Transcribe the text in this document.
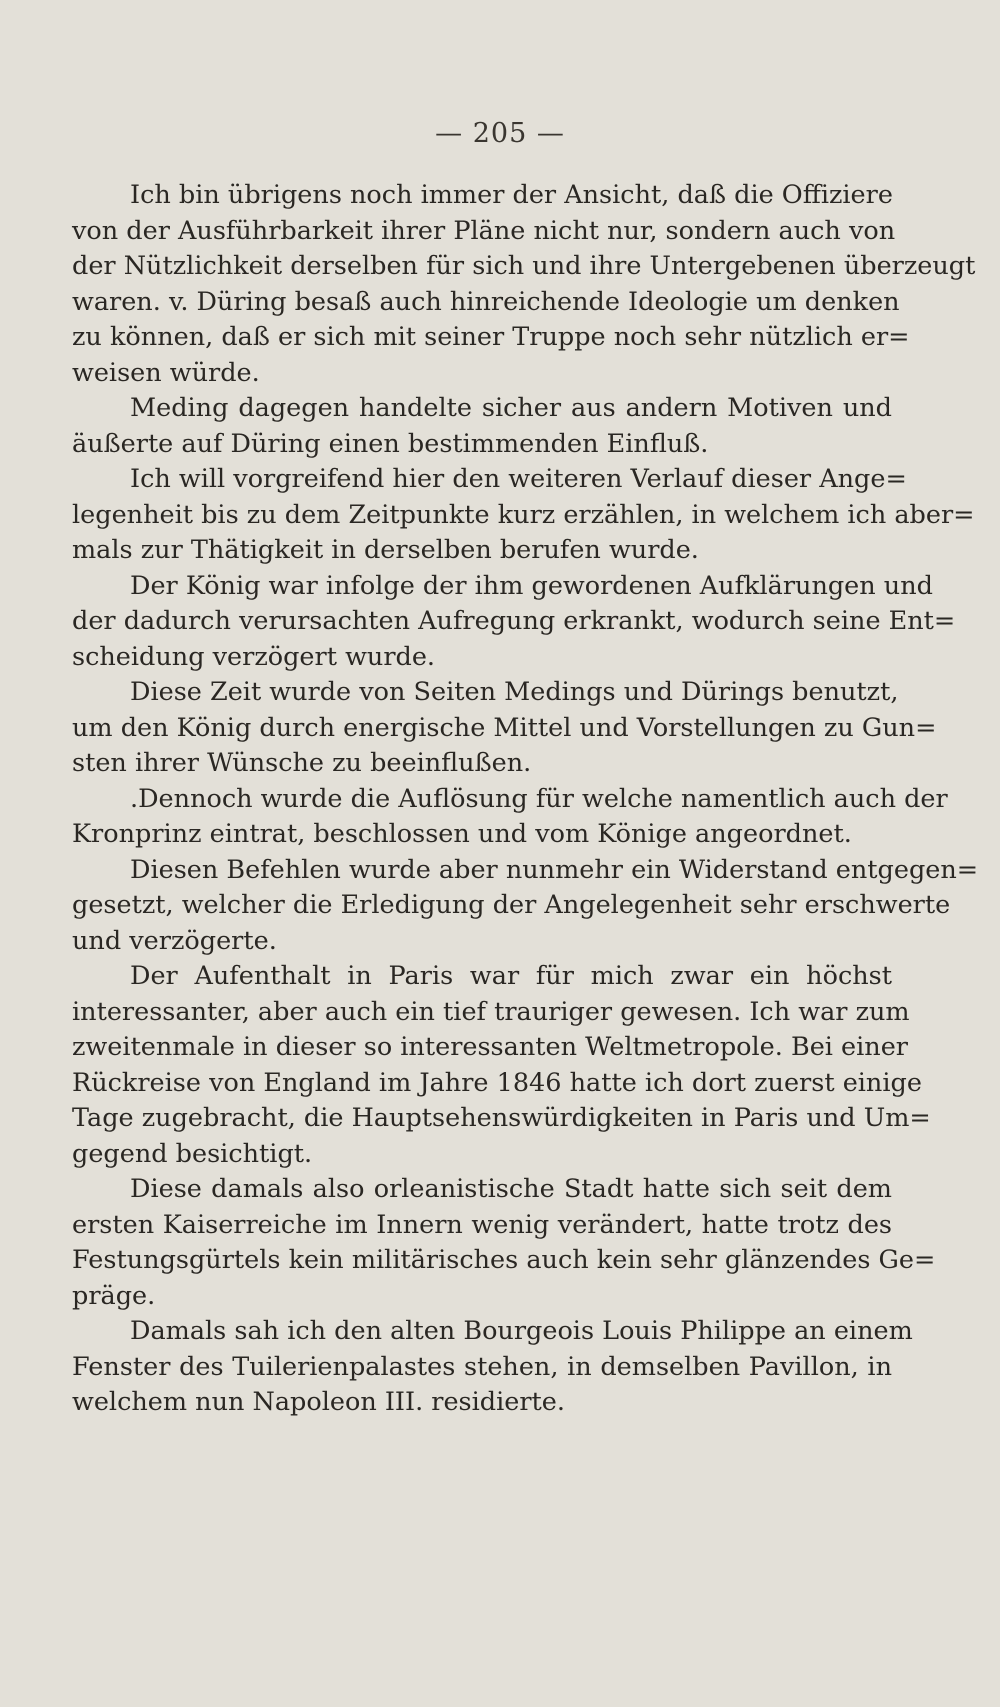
— 205 —
Ich bin übrigens noch immer der Ansicht, daß die Offiziere
von der Ausführbarkeit ihrer Pläne nicht nur, sondern auch von
der Nützlichkeit derselben für sich und ihre Untergebenen überzeugt
waren. v. Düring besaß auch hinreichende Ideologie um denken
zu können, daß er sich mit seiner Truppe noch sehr nützlich er=
weisen würde.
Meding dagegen handelte sicher aus andern Motiven und
äußerte auf Düring einen bestimmenden Einfluß.
Ich will vorgreifend hier den weiteren Verlauf dieser Ange=
legenheit bis zu dem Zeitpunkte kurz erzählen, in welchem ich aber=
mals zur Thätigkeit in derselben berufen wurde.
Der König war infolge der ihm gewordenen Aufklärungen und
der dadurch verursachten Aufregung erkrankt, wodurch seine Ent=
scheidung verzögert wurde.
Diese Zeit wurde von Seiten Medings und Dürings benutzt,
um den König durch energische Mittel und Vorstellungen zu Gun=
sten ihrer Wünsche zu beeinflußen.
.Dennoch wurde die Auflösung für welche namentlich auch der
Kronprinz eintrat, beschlossen und vom Könige angeordnet.
Diesen Befehlen wurde aber nunmehr ein Widerstand entgegen=
gesetzt, welcher die Erledigung der Angelegenheit sehr erschwerte
und verzögerte.
Der Aufenthalt in Paris war für mich zwar ein höchst
interessanter, aber auch ein tief trauriger gewesen. Ich war zum
zweitenmale in dieser so interessanten Weltmetropole. Bei einer
Rückreise von England im Jahre 1846 hatte ich dort zuerst einige
Tage zugebracht, die Hauptsehenswürdigkeiten in Paris und Um=
gegend besichtigt.
Diese damals also orleanistische Stadt hatte sich seit dem
ersten Kaiserreiche im Innern wenig verändert, hatte trotz des
Festungsgürtels kein militärisches auch kein sehr glänzendes Ge=
präge.
Damals sah ich den alten Bourgeois Louis Philippe an einem
Fenster des Tuilerienpalastes stehen, in demselben Pavillon, in
welchem nun Napoleon III. residierte.
